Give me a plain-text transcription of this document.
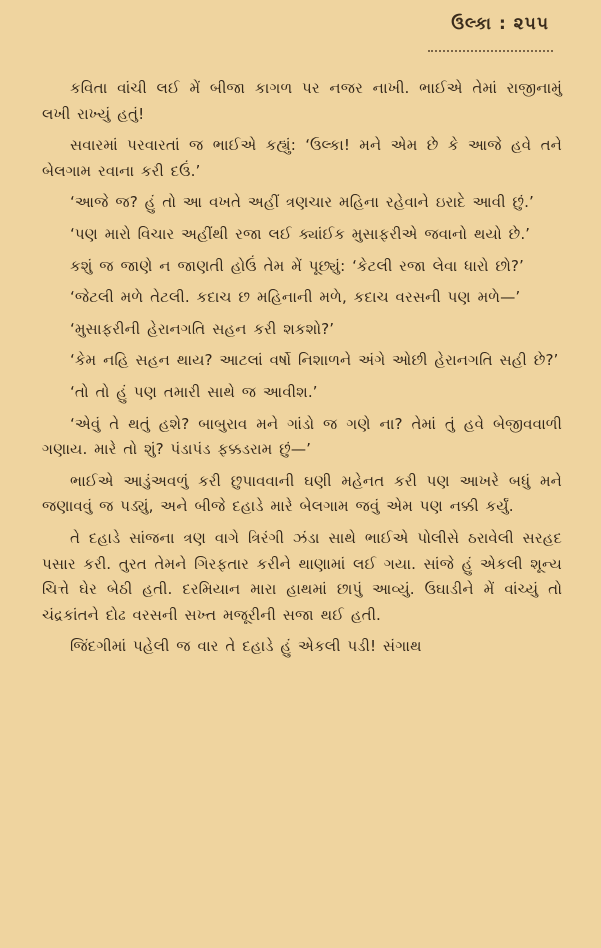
ઉલ્કા : ૨૫૫

કવિતા વાંચી લઈ મેં બીજા કાગળ પર નજર નાખી. ભાઈએ તેમાં રાજીનામું લખી રાખ્યું હતું!

સવારમાં પરવારતાં જ ભાઈએ કહ્યું: ‘ઉલ્કા! મને એમ છે કે આજે હવે તને બેલગામ રવાના કરી દઉં.’

‘આજે જ? હું તો આ વખતે અહીં ત્રણચાર મહિના રહેવાને ઇરાદે આવી છું.’

‘પણ મારો વિચાર અહીંથી રજા લઈ ક્યાંઈક મુસાફરીએ જવાનો થયો છે.’

કશું જ જાણે ન જાણતી હોઉં તેમ મેં પૂછ્યું: ‘કેટલી રજા લેવા ધારો છો?’

‘જેટલી મળે તેટલી. કદાચ છ મહિનાની મળે, કદાચ વરસની પણ મળે—’

‘મુસાફરીની હેરાનગતિ સહન કરી શકશો?’

‘કેમ નહિ સહન થાય? આટલાં વર્ષો નિશાળને અંગે ઓછી હેરાનગતિ સહી છે?’

‘તો તો હું પણ તમારી સાથે જ આવીશ.’

‘એવું તે થતું હશે? બાબુરાવ મને ગાંડો જ ગણે ના? તેમાં તું હવે બેજીવવાળી ગણાય. મારે તો શું? પંડાપંડ ફક્કડરામ છું—’

ભાઈએ આડુંઅવળું કરી છુપાવવાની ઘણી મહેનત કરી પણ આખરે બધું મને જણાવવું જ પડ્યું, અને બીજે દહાડે મારે બેલગામ જવું એમ પણ નક્કી કર્યું.

તે દહાડે સાંજના ત્રણ વાગે ત્રિરંગી ઝંડા સાથે ભાઈએ પોલીસે ઠરાવેલી સરહદ પસાર કરી. તુરત તેમને ગિરફતાર કરીને થાણામાં લઈ ગયા. સાંજે હું એકલી શૂન્ય ચિત્તે ઘેર બેઠી હતી. દરમિયાન મારા હાથમાં છાપું આવ્યું. ઉઘાડીને મેં વાંચ્યું તો ચંદ્રકાંતને દોઢ વરસની સખ્ત મજૂરીની સજા થઈ હતી.

જિંદગીમાં પહેલી જ વાર તે દહાડે હું એકલી પડી! સંગાથ
